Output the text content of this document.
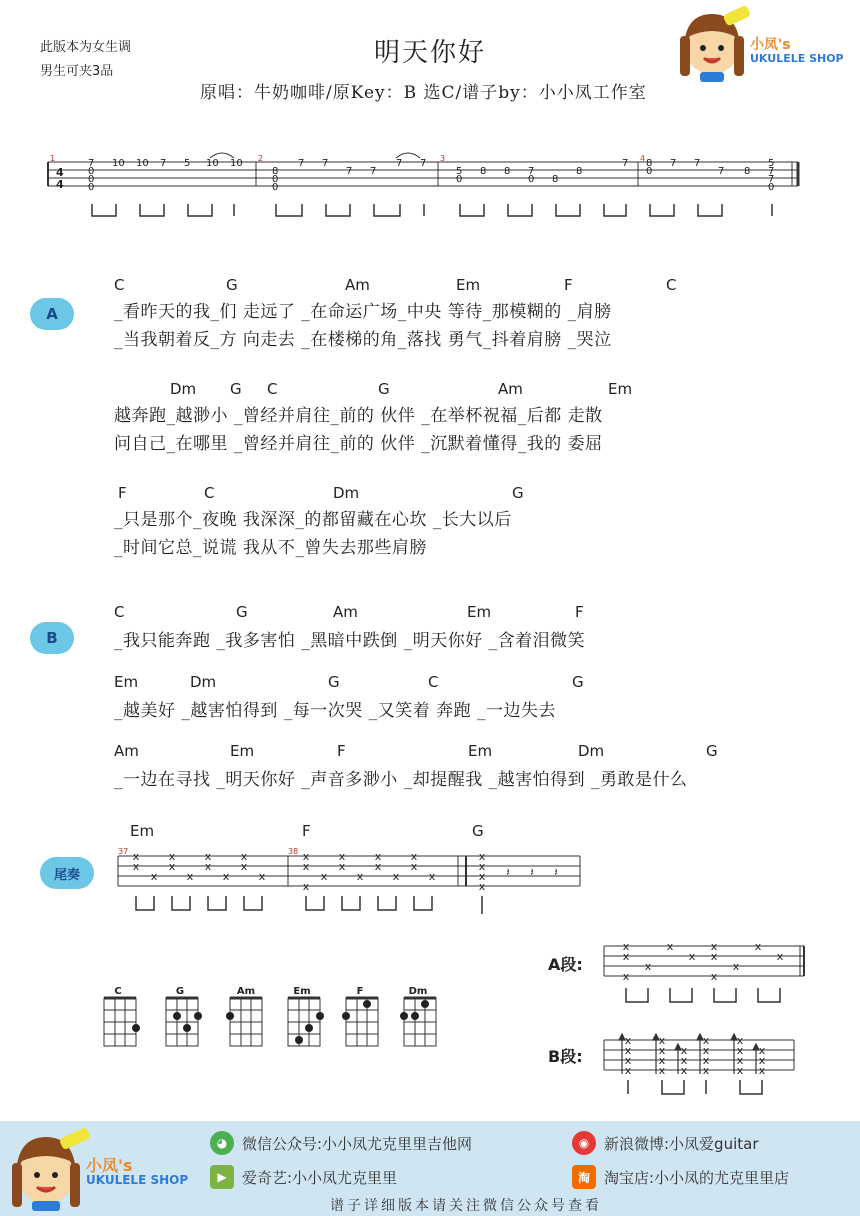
此版本为女生调
男生可夹3品
明天你好
原唱：牛奶咖啡/原Key：B 选C/谱子by：小小凤工作室
小凤's
UKULELE SHOP
4
4
1	2	3	4
7
0
0
0
10 10 7 5 10 10
8
0
0
7 7
7 7
7 7
5
0
8 8 7
0 8
8
7 8
0
7 7
7 8
5
7
7
0
A
C	G	Am	Em	F	C
_看昨天的我_们 走远了 _在命运广场_中央 等待_那模糊的 _肩膀
_当我朝着反_方 向走去 _在楼梯的角_落找 勇气_抖着肩膀 _哭泣
Dm G C	G	Am	Em
越奔跑_越渺小 _曾经并肩往_前的 伙伴 _在举杯祝福_后都 走散
问自己_在哪里 _曾经并肩往_前的 伙伴 _沉默着懂得_我的 委屈
F	C	Dm	G
_只是那个_夜晚 我深深_的都留藏在心坎 _长大以后
_时间它总_说谎 我从不_曾失去那些肩膀
B
C	G	Am	Em	F
_我只能奔跑 _我多害怕 _黑暗中跌倒 _明天你好 _含着泪微笑
Em	Dm	G	C	G
_越美好 _越害怕得到 _每一次哭 _又笑着 奔跑 _一边失去
Am	Em	F	Em	Dm	G
_一边在寻找 _明天你好 _声音多渺小 _却提醒我 _越害怕得到 _勇敢是什么
尾奏
Em	F	G
37	38
x
x
x
x
x
x
x
x
x
x
x
x
x
x
x
x
x
x
x
x
x
x
x
x
x
x
x
x
x
𝄽 𝄽 𝄽
C	G	Am	Em	F	Dm
A段:
x
x
x
x
x
x
x
x
x
x
x
x
B段:
x
x
x
x
x
x
x
x
x
x
x
x
x
x
x
x
x
x
x
x
x
x
小凤's
UKULELE SHOP
◕ 微信公众号:小小凤尤克里里吉他网	◉ 新浪微博:小凤爱guitar
▶	爱奇艺:小小凤尤克里里	淘 淘宝店:小小凤的尤克里里店
谱子详细版本请关注微信公众号查看
